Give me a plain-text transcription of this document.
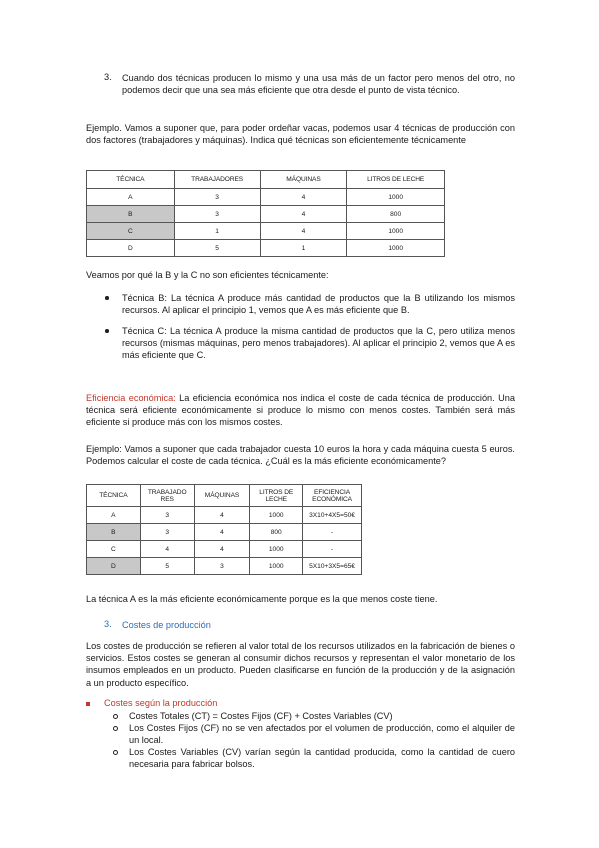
3. Cuando dos técnicas producen lo mismo y una usa más de un factor pero menos del otro, no podemos decir que una sea más eficiente que otra desde el punto de vista técnico.
Ejemplo. Vamos a suponer que, para poder ordeñar vacas, podemos usar 4 técnicas de producción con dos factores (trabajadores y máquinas). Indica qué técnicas son eficientemente técnicamente
TÉCNICA	TRABAJADORES	MÁQUINAS	LITROS DE LECHE
A	3	4	1000
B	3	4	800
C	1	4	1000
D	5	1	1000
Veamos por qué la B y la C no son eficientes técnicamente:
Técnica B: La técnica A produce más cantidad de productos que la B utilizando los mismos recursos. Al aplicar el principio 1, vemos que A es más eficiente que B.
Técnica C: La técnica A produce la misma cantidad de productos que la C, pero utiliza menos recursos (mismas máquinas, pero menos trabajadores). Al aplicar el principio 2, vemos que A es más eficiente que C.
Eficiencia económica: La eficiencia económica nos indica el coste de cada técnica de producción. Una técnica será eficiente económicamente si produce lo mismo con menos costes. También será más eficiente si produce más con los mismos costes.
Ejemplo: Vamos a suponer que cada trabajador cuesta 10 euros la hora y cada máquina cuesta 5 euros. Podemos calcular el coste de cada técnica. ¿Cuál es la más eficiente económicamente?
TÉCNICA	TRABAJADO RES	MÁQUINAS	LITROS DE LECHE	EFICIENCIA ECONÓMICA
A	3	4	1000	3X10+4X5=50€
B	3	4	800	-
C	4	4	1000	-
D	5	3	1000	5X10+3X5=65€
La técnica A es la más eficiente económicamente porque es la que menos coste tiene.
3. Costes de producción
Los costes de producción se refieren al valor total de los recursos utilizados en la fabricación de bienes o servicios. Estos costes se generan al consumir dichos recursos y representan el valor monetario de los insumos empleados en un producto. Pueden clasificarse en función de la producción y de la asignación a un producto específico.
Costes según la producción
Costes Totales (CT) = Costes Fijos (CF) + Costes Variables (CV)
Los Costes Fijos (CF) no se ven afectados por el volumen de producción, como el alquiler de un local.
Los Costes Variables (CV) varían según la cantidad producida, como la cantidad de cuero necesaria para fabricar bolsos.
